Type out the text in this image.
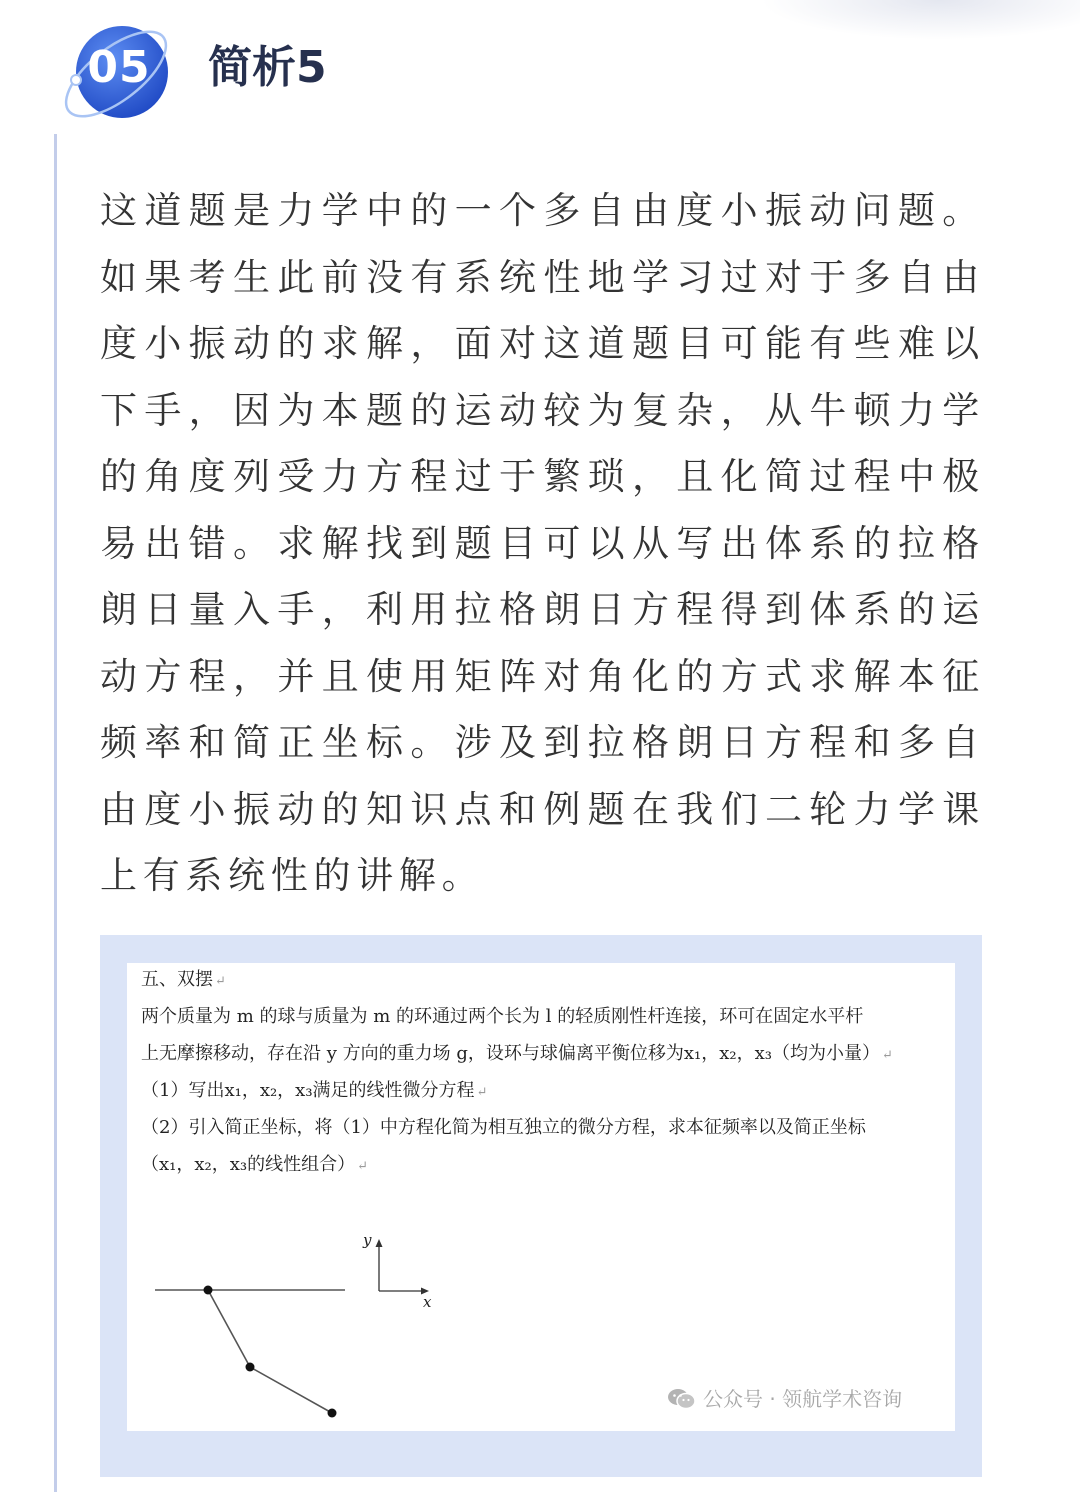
05	简析5

这道题是力学中的一个多自由度小振动问题。如果考生此前没有系统性地学习过对于多自由度小振动的求解，面对这道题目可能有些难以下手，因为本题的运动较为复杂，从牛顿力学的角度列受力方程过于繁琐，且化简过程中极易出错。求解找到题目可以从写出体系的拉格朗日量入手，利用拉格朗日方程得到体系的运动方程，并且使用矩阵对角化的方式求解本征频率和简正坐标。涉及到拉格朗日方程和多自由度小振动的知识点和例题在我们二轮力学课上有系统性的讲解。

五、双摆 ↵
两个质量为 m 的球与质量为 m 的环通过两个长为 l 的轻质刚性杆连接，环可在固定水平杆
上无摩擦移动，存在沿 y 方向的重力场 g，设环与球偏离平衡位移为x₁，x₂，x₃（均为小量） ↵
（1）写出x₁，x₂，x₃满足的线性微分方程 ↵
（2）引入简正坐标，将（1）中方程化简为相互独立的微分方程，求本征频率以及简正坐标
（x₁，x₂，x₃的线性组合） ↵
y
x
公众号 · 领航学术咨询
